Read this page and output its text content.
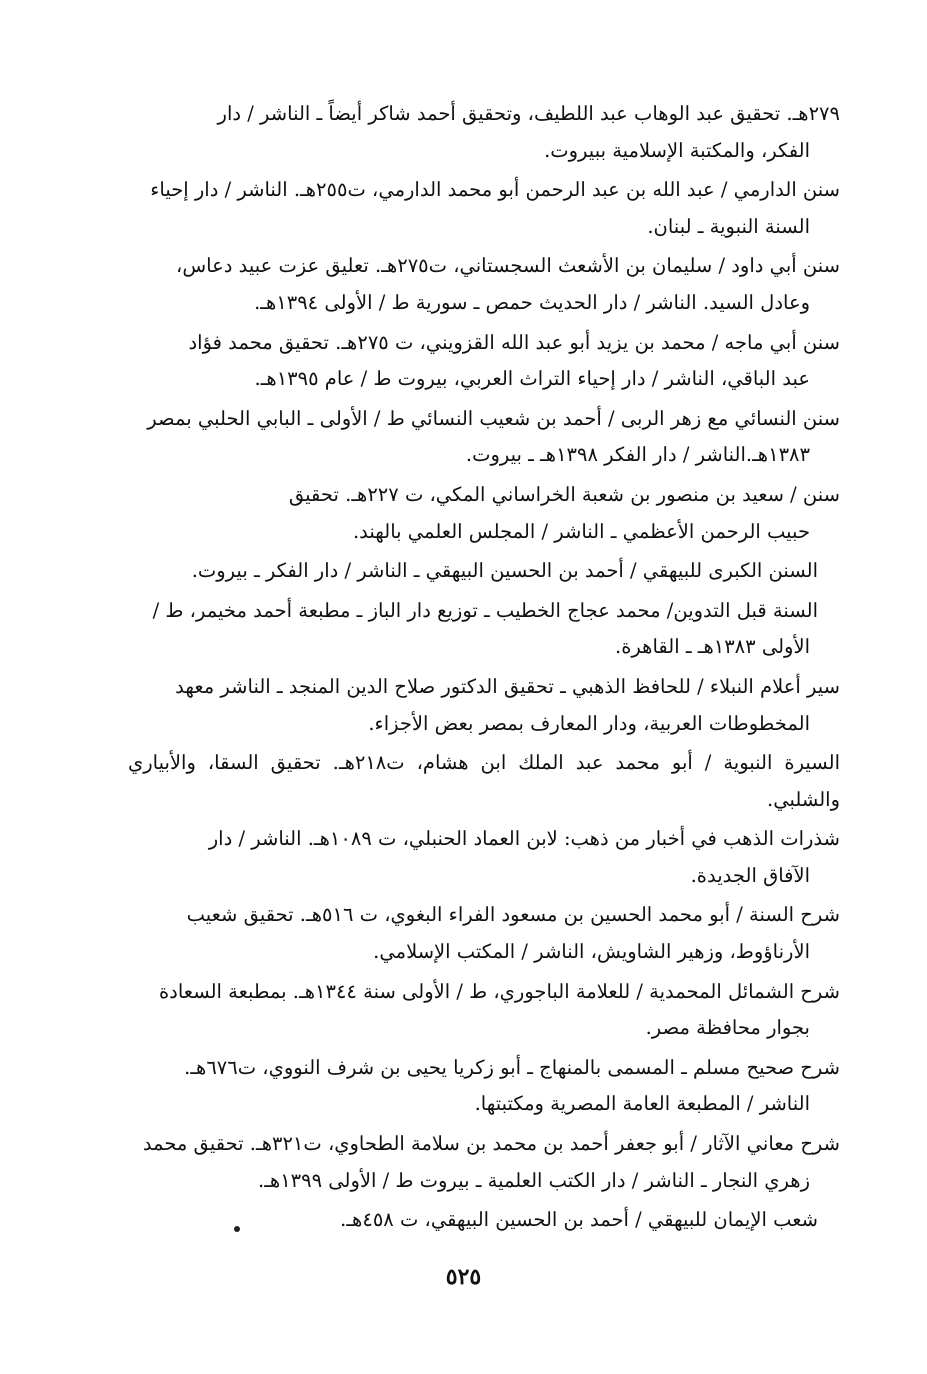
٢٧٩هـ. تحقيق عبد الوهاب عبد اللطيف، وتحقيق أحمد شاكر أيضاً ـ الناشر / دار
الفكر، والمكتبة الإسلامية ببيروت.
سنن الدارمي / عبد الله بن عبد الرحمن أبو محمد الدارمي، ت٢٥٥هـ. الناشر / دار إحياء
السنة النبوية ـ لبنان.
سنن أبي داود / سليمان بن الأشعث السجستاني، ت٢٧٥هـ. تعليق عزت عبيد دعاس،
وعادل السيد. الناشر / دار الحديث حمص ـ سورية ط / الأولى ١٣٩٤هـ.
سنن أبي ماجه / محمد بن يزيد أبو عبد الله القزويني، ت ٢٧٥هـ. تحقيق محمد فؤاد
عبد الباقي، الناشر / دار إحياء التراث العربي، بيروت ط / عام ١٣٩٥هـ.
سنن النسائي مع زهر الربى / أحمد بن شعيب النسائي ط / الأولى ـ البابي الحلبي بمصر
١٣٨٣هـ.الناشر / دار الفكر ١٣٩٨هـ ـ بيروت.
سنن / سعيد بن منصور بن شعبة الخراساني المكي، ت ٢٢٧هـ. تحقيق
حبيب الرحمن الأعظمي ـ الناشر / المجلس العلمي بالهند.
السنن الكبرى للبيهقي / أحمد بن الحسين البيهقي ـ الناشر / دار الفكر ـ بيروت.
السنة قبل التدوين/ محمد عجاج الخطيب ـ توزيع دار الباز ـ مطبعة أحمد مخيمر، ط /
الأولى ١٣٨٣هـ ـ القاهرة.
سير أعلام النبلاء / للحافظ الذهبي ـ تحقيق الدكتور صلاح الدين المنجد ـ الناشر معهد
المخطوطات العربية، ودار المعارف بمصر بعض الأجزاء.
السيرة النبوية / أبو محمد عبد الملك ابن هشام، ت٢١٨هـ. تحقيق السقا، والأبياري والشلبي.
شذرات الذهب في أخبار من ذهب: لابن العماد الحنبلي، ت ١٠٨٩هـ. الناشر / دار
الآفاق الجديدة.
شرح السنة / أبو محمد الحسين بن مسعود الفراء البغوي، ت ٥١٦هـ. تحقيق شعيب
الأرناؤوط، وزهير الشاويش، الناشر / المكتب الإسلامي.
شرح الشمائل المحمدية / للعلامة الباجوري، ط / الأولى سنة ١٣٤٤هـ. بمطبعة السعادة
بجوار محافظة مصر.
شرح صحيح مسلم ـ المسمى بالمنهاج ـ أبو زكريا يحيى بن شرف النووي، ت٦٧٦هـ.
الناشر / المطبعة العامة المصرية ومكتبتها.
شرح معاني الآثار / أبو جعفر أحمد بن محمد بن سلامة الطحاوي، ت٣٢١هـ. تحقيق محمد
زهري النجار ـ الناشر / دار الكتب العلمية ـ بيروت ط / الأولى ١٣٩٩هـ.
شعب الإيمان للبيهقي / أحمد بن الحسين البيهقي، ت ٤٥٨هـ.
٥٢٥
